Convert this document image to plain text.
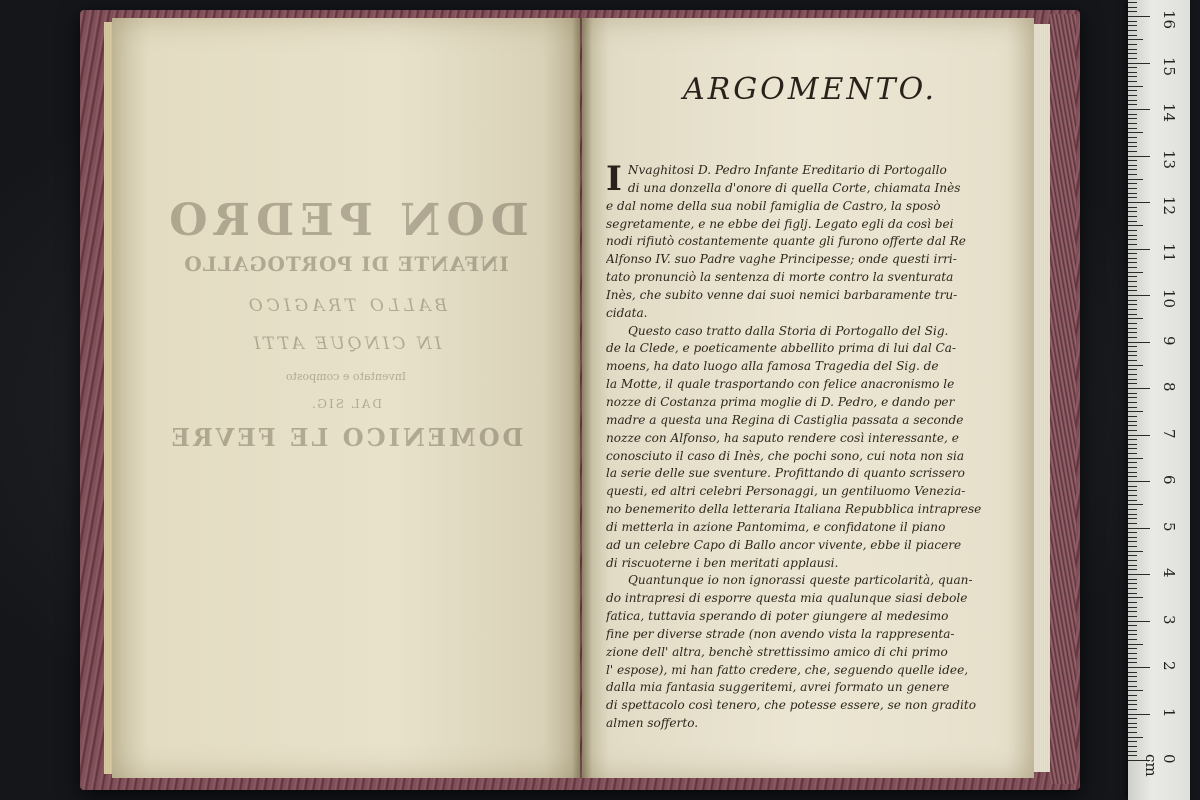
DON PEDRO
INFANTE DI PORTOGALLO
BALLO TRAGICO
IN CINQUE ATTI
Inventato e composto
DAL SIG.
DOMENICO LE FEVRE
ARGOMENTO.
I Nvaghitosi D. Pedro Infante Ereditario di Portogallo
di una donzella d'onore di quella Corte, chiamata Inès
e dal nome della sua nobil famiglia de Castro, la sposò
segretamente, e ne ebbe dei figlj. Legato egli da così bei
nodi rifiutò costantemente quante gli furono offerte dal Re
Alfonso IV. suo Padre vaghe Principesse; onde questi irri-
tato pronunciò la sentenza di morte contro la sventurata
Inès, che subito venne dai suoi nemici barbaramente tru-
cidata.
Questo caso tratto dalla Storia di Portogallo del Sig.
de la Clede, e poeticamente abbellito prima di lui dal Ca-
moens, ha dato luogo alla famosa Tragedia del Sig. de
la Motte, il quale trasportando con felice anacronismo le
nozze di Costanza prima moglie di D. Pedro, e dando per
madre a questa una Regina di Castiglia passata a seconde
nozze con Alfonso, ha saputo rendere così interessante, e
conosciuto il caso di Inès, che pochi sono, cui nota non sia
la serie delle sue sventure. Profittando di quanto scrissero
questi, ed altri celebri Personaggi, un gentiluomo Venezia-
no benemerito della letteraria Italiana Repubblica intraprese
di metterla in azione Pantomima, e confidatone il piano
ad un celebre Capo di Ballo ancor vivente, ebbe il piacere
di riscuoterne i ben meritati applausi.
Quantunque io non ignorassi queste particolarità, quan-
do intrapresi di esporre questa mia qualunque siasi debole
fatica, tuttavia sperando di poter giungere al medesimo
fine per diverse strade (non avendo vista la rappresenta-
zione dell' altra, benchè strettissimo amico di chi primo
l' espose), mi han fatto credere, che, seguendo quelle idee,
dalla mia fantasia suggeritemi, avrei formato un genere
di spettacolo così tenero, che potesse essere, se non gradito
almen sofferto.
0 cm
1
2
3
4
5
6
7
8
9
10
11
12
13
14
15
16
